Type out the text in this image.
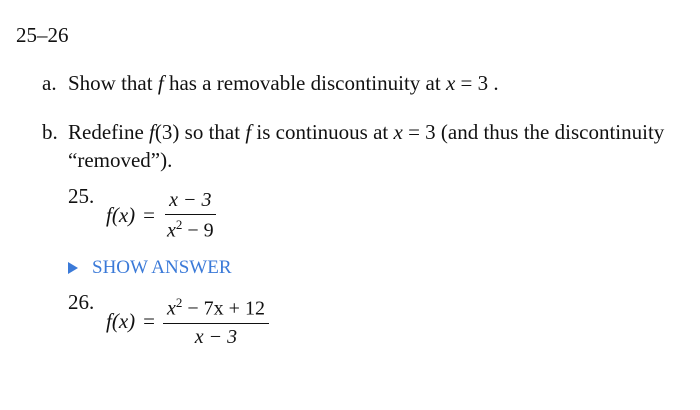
25–26
a. Show that f has a removable discontinuity at x = 3 .
b. Redefine f(3) so that f is continuous at x = 3 (and thus the discontinuity
“removed”).
25.
f $(x) = \frac{x - 3}{x^2 - 9}$
SHOW ANSWER
26.
f $(x) = \frac{x^2 - 7x + 12}{x - 3}$
